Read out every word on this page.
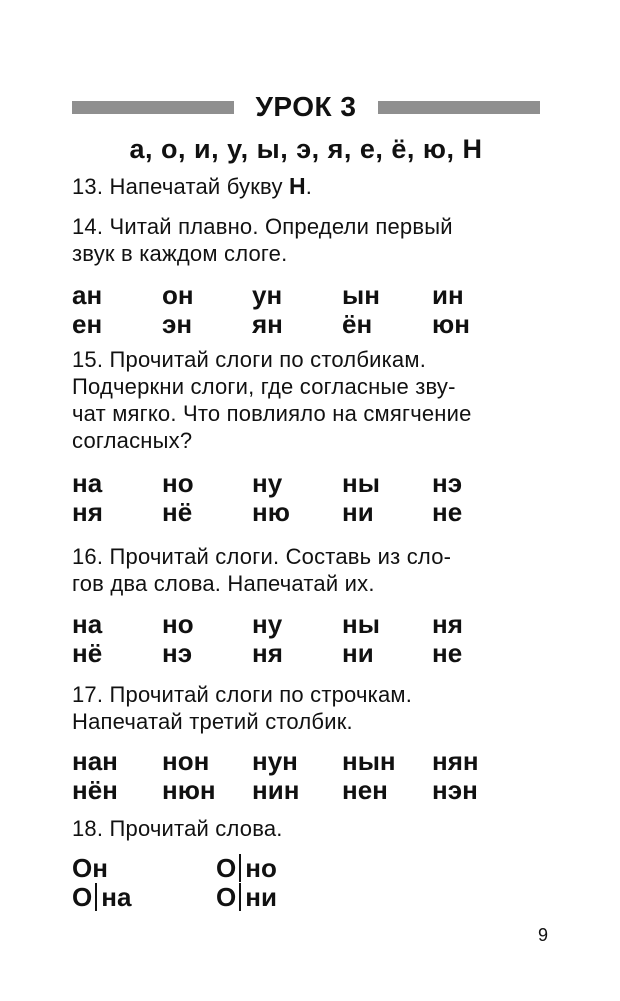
УРОК 3
а, о, и, у, ы, э, я, е, ё, ю, Н
13. Напечатай букву Н.
14. Читай плавно. Определи первый
звук в каждом слоге.
ан он ун ын ин
ен эн ян ён юн
15. Прочитай слоги по столбикам.
Подчеркни слоги, где согласные зву-
чат мягко. Что повлияло на смягчение
согласных?
на но ну ны нэ
ня нё ню ни не
16. Прочитай слоги. Составь из сло-
гов два слова. Напечатай их.
на но ну ны ня
нё нэ ня ни не
17. Прочитай слоги по строчкам.
Напечатай третий столбик.
нан нон нун нын нян
нён нюн нин нен нэн
18. Прочитай слова.
Он	О но
О на	О ни
9
